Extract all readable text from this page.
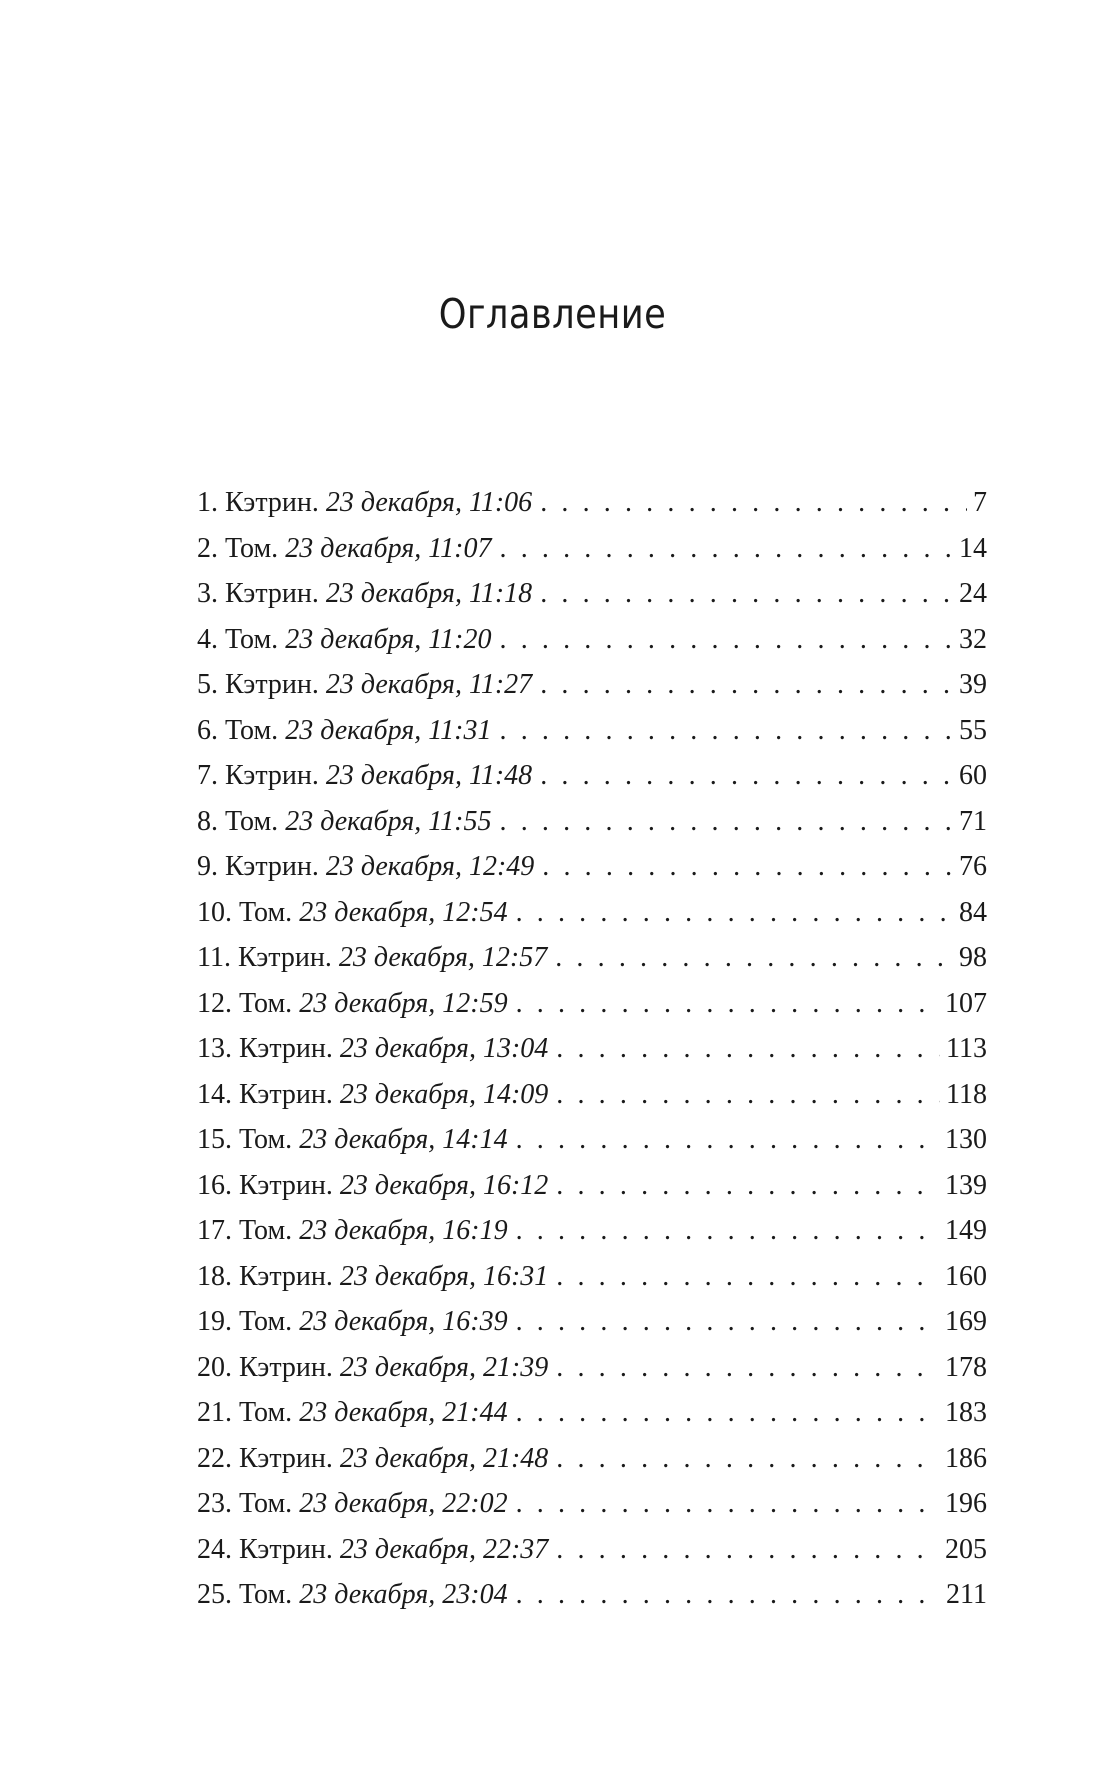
Оглавление
1. Кэтрин. 23 декабря, 11:06 . . .	7
2. Том. 23 декабря, 11:07 . . .	14
3. Кэтрин. 23 декабря, 11:18 . . .	24
4. Том. 23 декабря, 11:20 . . .	32
5. Кэтрин. 23 декабря, 11:27 . . .	39
6. Том. 23 декабря, 11:31 . . .	55
7. Кэтрин. 23 декабря, 11:48 . . .	60
8. Том. 23 декабря, 11:55 . . .	71
9. Кэтрин. 23 декабря, 12:49 . . .	76
10. Том. 23 декабря, 12:54 . . .	84
11. Кэтрин. 23 декабря, 12:57 . . .	98
12. Том. 23 декабря, 12:59 . . .	107
13. Кэтрин. 23 декабря, 13:04 . . .	113
14. Кэтрин. 23 декабря, 14:09 . . .	118
15. Том. 23 декабря, 14:14 . . .	130
16. Кэтрин. 23 декабря, 16:12 . . .	139
17. Том. 23 декабря, 16:19 . . .	149
18. Кэтрин. 23 декабря, 16:31 . . .	160
19. Том. 23 декабря, 16:39 . . .	169
20. Кэтрин. 23 декабря, 21:39 . . .	178
21. Том. 23 декабря, 21:44 . . .	183
22. Кэтрин. 23 декабря, 21:48 . . .	186
23. Том. 23 декабря, 22:02 . . .	196
24. Кэтрин. 23 декабря, 22:37 . . .	205
25. Том. 23 декабря, 23:04 . . .	211
